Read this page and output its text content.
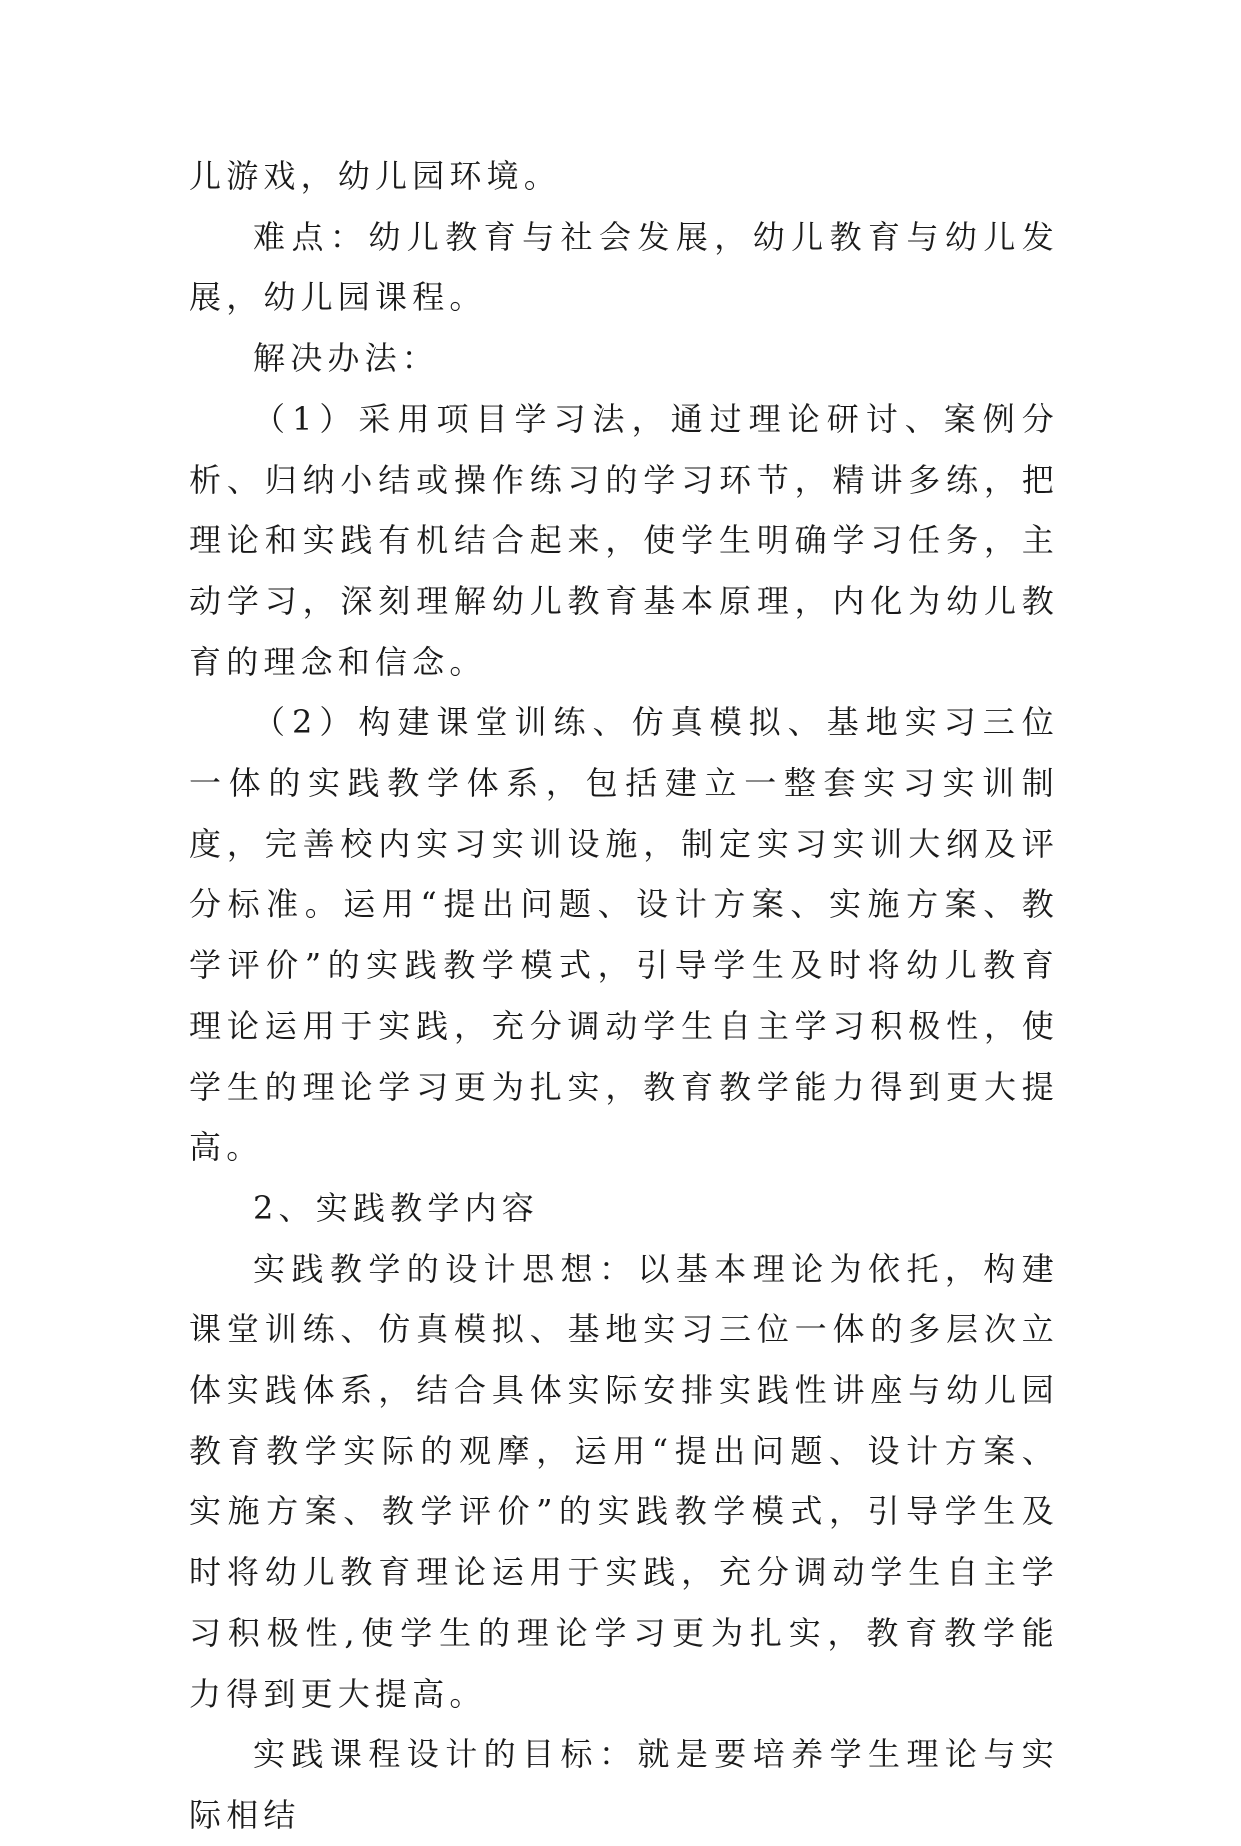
儿游戏，幼儿园环境。

难点：幼儿教育与社会发展，幼儿教育与幼儿发展，幼儿园课程。

解决办法：

（1）采用项目学习法，通过理论研讨、案例分析、归纳小结或操作练习的学习环节，精讲多练，把理论和实践有机结合起来，使学生明确学习任务，主动学习，深刻理解幼儿教育基本原理，内化为幼儿教育的理念和信念。

（2）构建课堂训练、仿真模拟、基地实习三位一体的实践教学体系，包括建立一整套实习实训制度，完善校内实习实训设施，制定实习实训大纲及评分标准。运用“提出问题、设计方案、实施方案、教学评价”的实践教学模式，引导学生及时将幼儿教育理论运用于实践，充分调动学生自主学习积极性，使学生的理论学习更为扎实，教育教学能力得到更大提高。

2、实践教学内容

实践教学的设计思想：以基本理论为依托，构建课堂训练、仿真模拟、基地实习三位一体的多层次立体实践体系，结合具体实际安排实践性讲座与幼儿园教育教学实际的观摩，运用“提出问题、设计方案、实施方案、教学评价”的实践教学模式，引导学生及时将幼儿教育理论运用于实践，充分调动学生自主学习积极性,使学生的理论学习更为扎实，教育教学能力得到更大提高。

实践课程设计的目标：就是要培养学生理论与实际相结
